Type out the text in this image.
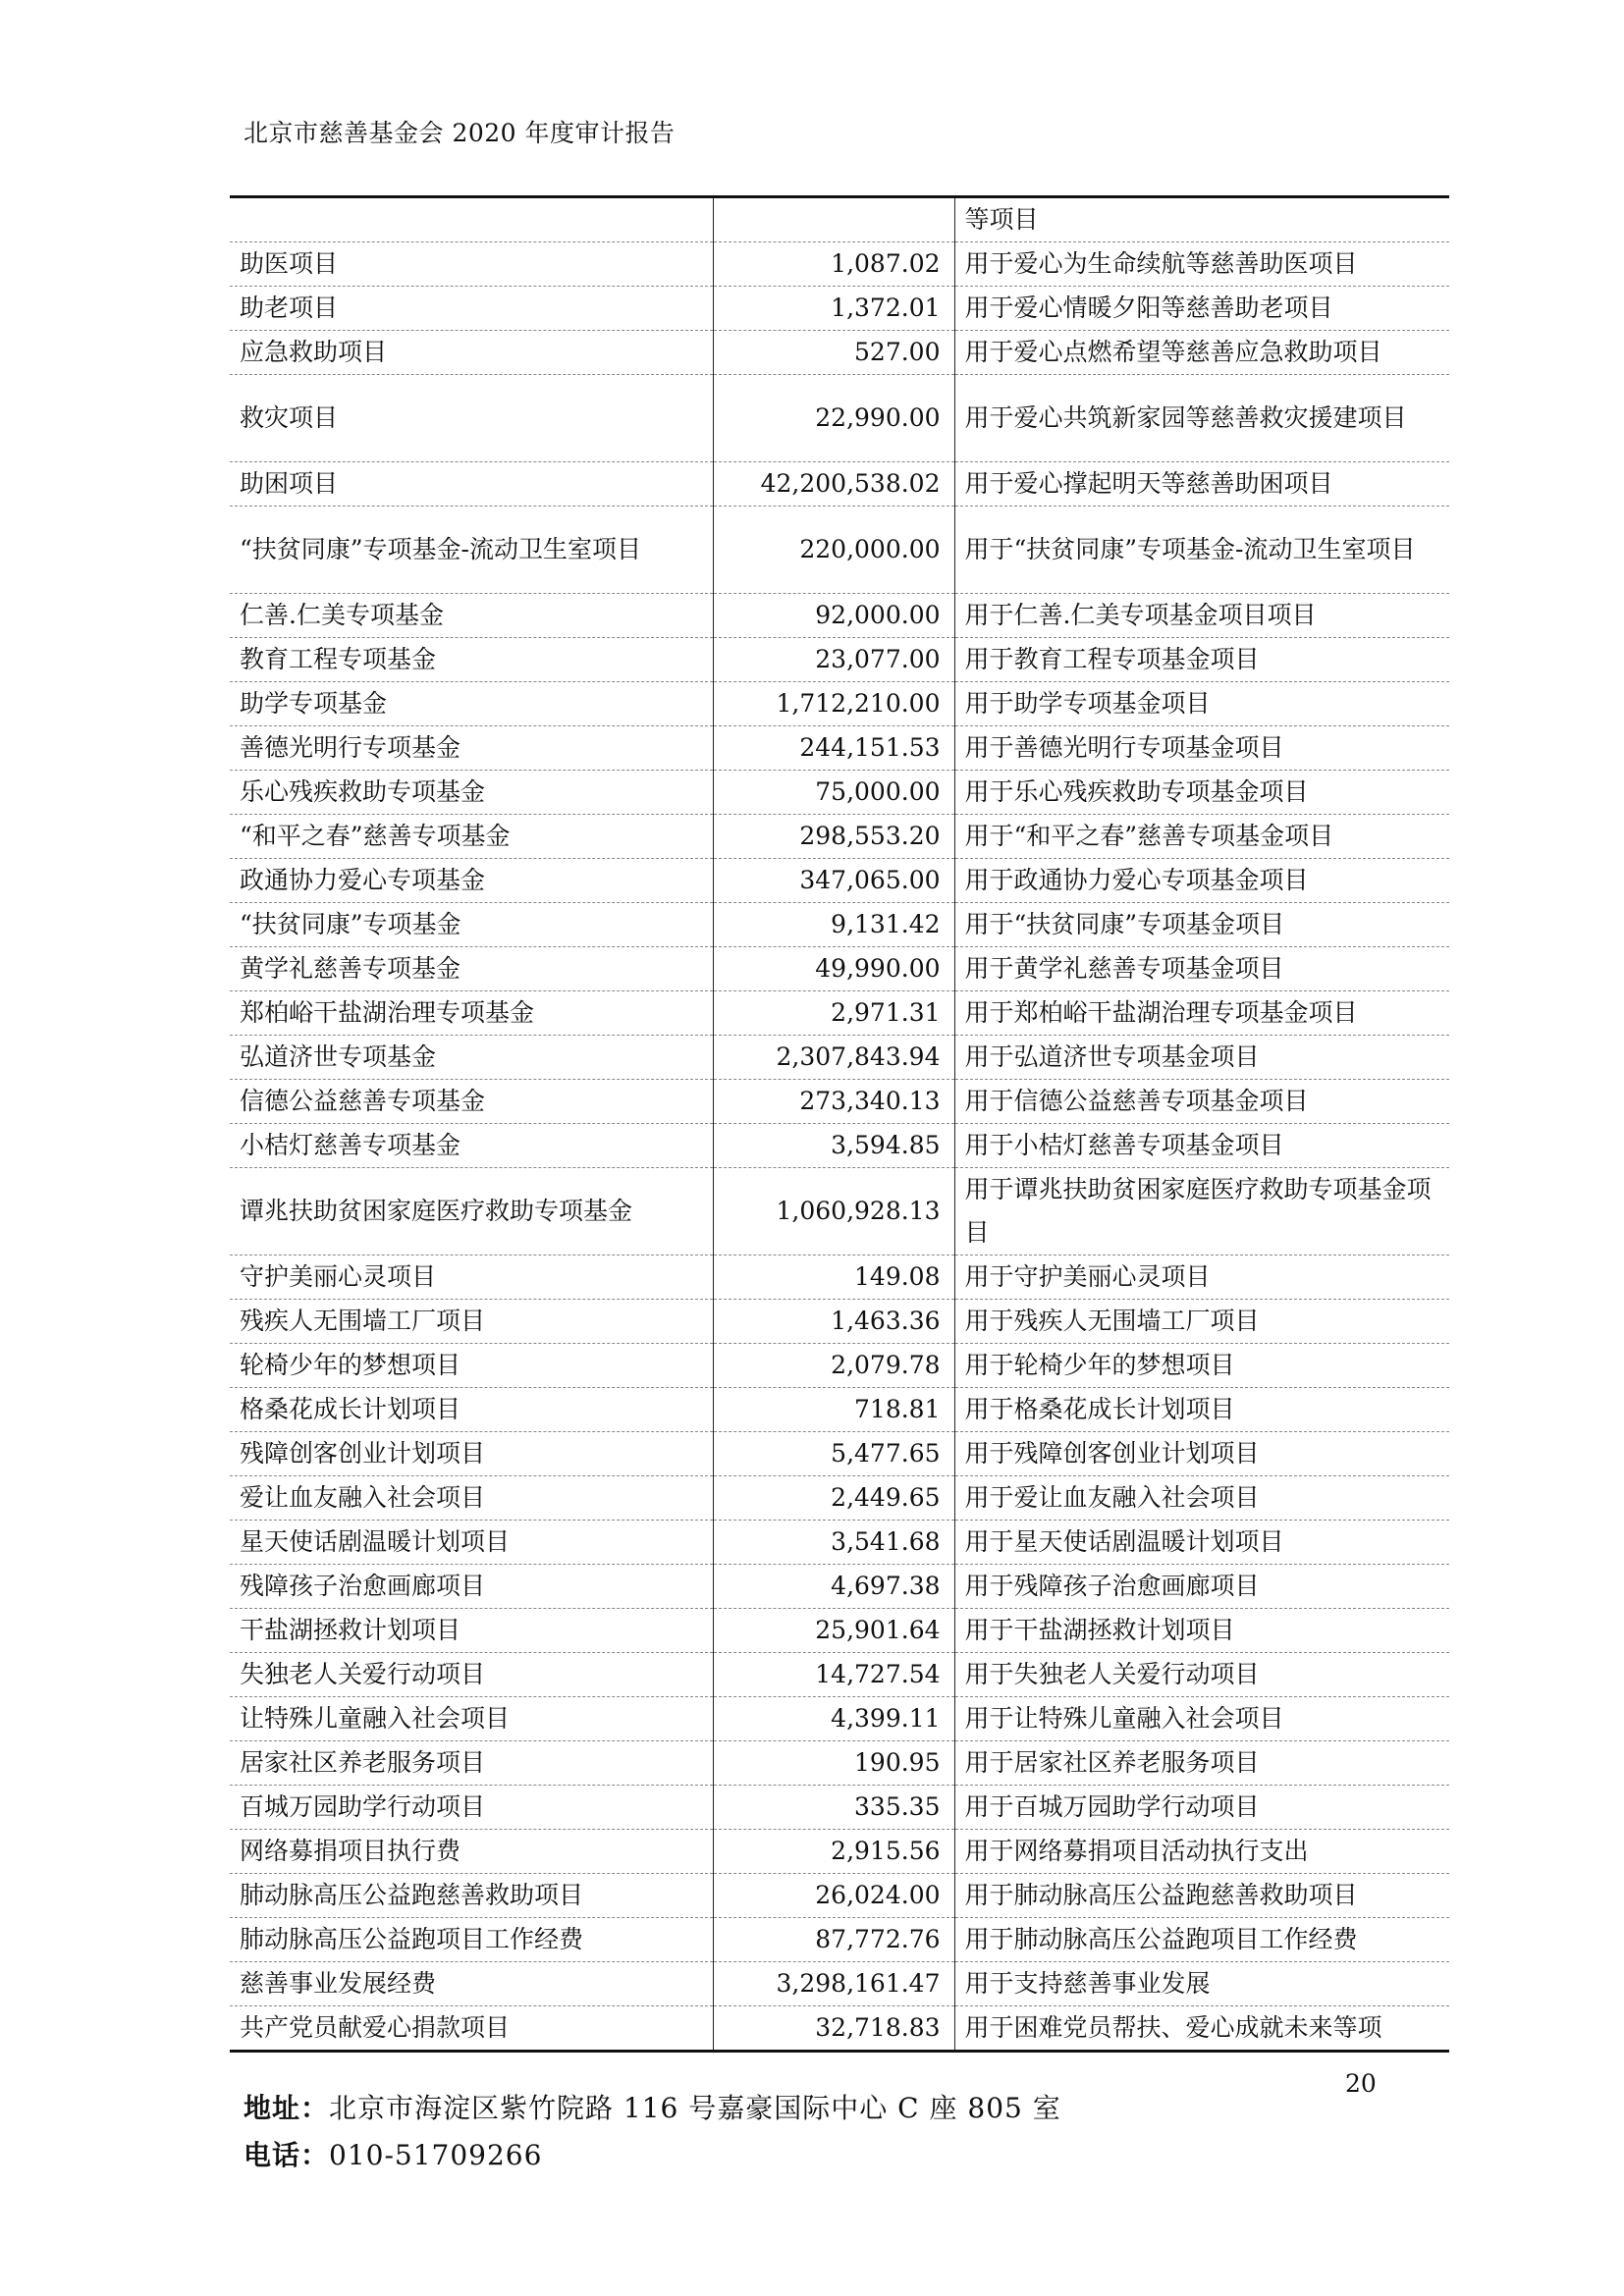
北京市慈善基金会 2020 年度审计报告
		等项目
助医项目	1,087.02	用于爱心为生命续航等慈善助医项目
助老项目	1,372.01	用于爱心情暖夕阳等慈善助老项目
应急救助项目	527.00	用于爱心点燃希望等慈善应急救助项目
救灾项目	22,990.00	用于爱心共筑新家园等慈善救灾援建项目
助困项目	42,200,538.02	用于爱心撑起明天等慈善助困项目
“扶贫同康”专项基金-流动卫生室项目	220,000.00	用于“扶贫同康”专项基金-流动卫生室项目
仁善.仁美专项基金	92,000.00	用于仁善.仁美专项基金项目项目
教育工程专项基金	23,077.00	用于教育工程专项基金项目
助学专项基金	1,712,210.00	用于助学专项基金项目
善德光明行专项基金	244,151.53	用于善德光明行专项基金项目
乐心残疾救助专项基金	75,000.00	用于乐心残疾救助专项基金项目
“和平之春”慈善专项基金	298,553.20	用于“和平之春”慈善专项基金项目
政通协力爱心专项基金	347,065.00	用于政通协力爱心专项基金项目
“扶贫同康”专项基金	9,131.42	用于“扶贫同康”专项基金项目
黄学礼慈善专项基金	49,990.00	用于黄学礼慈善专项基金项目
郑柏峪干盐湖治理专项基金	2,971.31	用于郑柏峪干盐湖治理专项基金项目
弘道济世专项基金	2,307,843.94	用于弘道济世专项基金项目
信德公益慈善专项基金	273,340.13	用于信德公益慈善专项基金项目
小桔灯慈善专项基金	3,594.85	用于小桔灯慈善专项基金项目
谭兆扶助贫困家庭医疗救助专项基金	1,060,928.13	用于谭兆扶助贫困家庭医疗救助专项基金项目
守护美丽心灵项目	149.08	用于守护美丽心灵项目
残疾人无围墙工厂项目	1,463.36	用于残疾人无围墙工厂项目
轮椅少年的梦想项目	2,079.78	用于轮椅少年的梦想项目
格桑花成长计划项目	718.81	用于格桑花成长计划项目
残障创客创业计划项目	5,477.65	用于残障创客创业计划项目
爱让血友融入社会项目	2,449.65	用于爱让血友融入社会项目
星天使话剧温暖计划项目	3,541.68	用于星天使话剧温暖计划项目
残障孩子治愈画廊项目	4,697.38	用于残障孩子治愈画廊项目
干盐湖拯救计划项目	25,901.64	用于干盐湖拯救计划项目
失独老人关爱行动项目	14,727.54	用于失独老人关爱行动项目
让特殊儿童融入社会项目	4,399.11	用于让特殊儿童融入社会项目
居家社区养老服务项目	190.95	用于居家社区养老服务项目
百城万园助学行动项目	335.35	用于百城万园助学行动项目
网络募捐项目执行费	2,915.56	用于网络募捐项目活动执行支出
肺动脉高压公益跑慈善救助项目	26,024.00	用于肺动脉高压公益跑慈善救助项目
肺动脉高压公益跑项目工作经费	87,772.76	用于肺动脉高压公益跑项目工作经费
慈善事业发展经费	3,298,161.47	用于支持慈善事业发展
共产党员献爱心捐款项目	32,718.83	用于困难党员帮扶、爱心成就未来等项
20
地址：北京市海淀区紫竹院路 116 号嘉豪国际中心 C 座 805 室
电话：010-51709266
